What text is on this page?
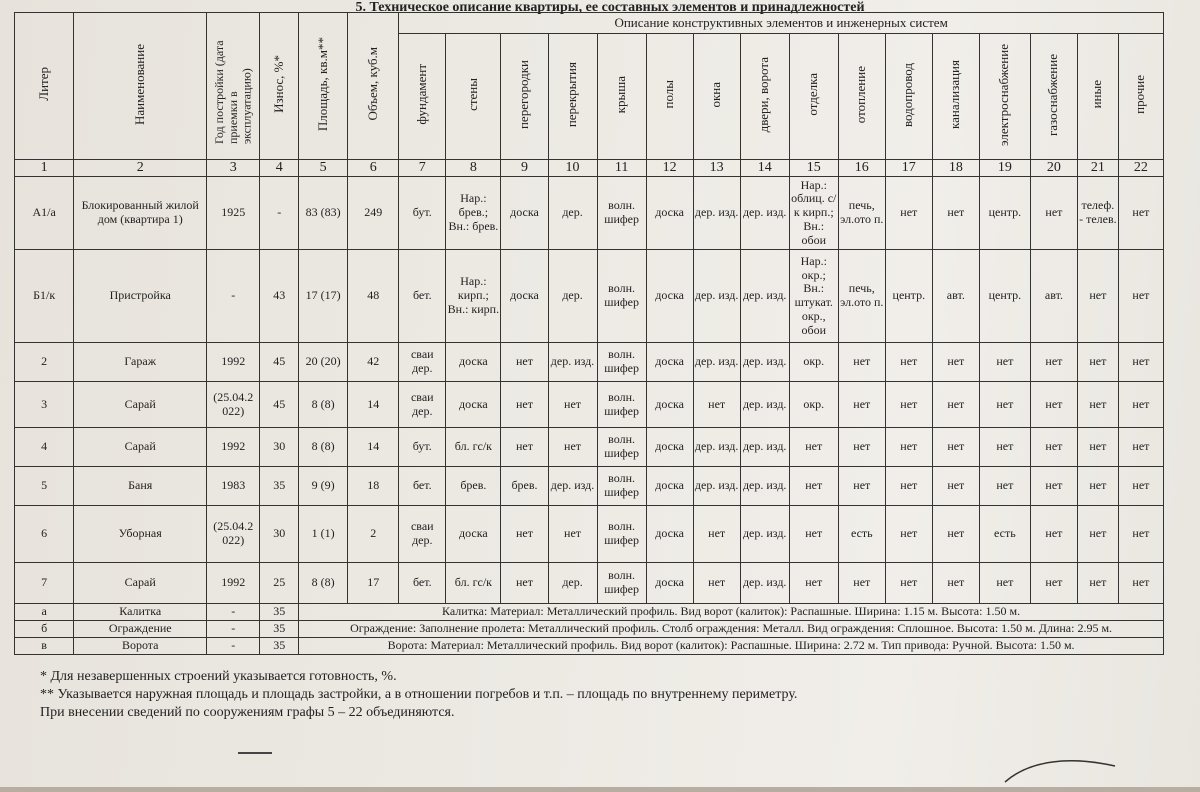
5. Техническое описание квартиры, ее составных элементов и принадлежностей
Литер	Наименование	Год постройки (дата приемки в эксплуатацию)	Износ, %*	Площадь, кв.м**	Объем, куб.м	Описание конструктивных элементов и инженерных систем															
						фундамент	стены	перегородки	перекрытия	крыша	полы	окна	двери, ворота	отделка	отопление	водопровод	канализация	электроснабжение	газоснабжение	иные	прочие
1	2	3	4	5	6	7	8	9	10	11	12	13	14	15	16	17	18	19	20	21	22
А1/а	Блокированный жилой дом (квартира 1)	1925	-	83 (83)	249	бут.	Нар.: брев.; Вн.: брев.	доска	дер.	волн. шифер	доска	дер. изд.	дер. изд.	Нар.: облиц. с/к кирп.; Вн.: обои	печь, эл.ото п.	нет	нет	центр.	нет	телеф. - телев.	нет
Б1/к	Пристройка	-	43	17 (17)	48	бет.	Нар.: кирп.; Вн.: кирп.	доска	дер.	волн. шифер	доска	дер. изд.	дер. изд.	Нар.: окр.; Вн.: штукат. окр., обои	печь, эл.ото п.	центр.	авт.	центр.	авт.	нет	нет
2	Гараж	1992	45	20 (20)	42	сваи дер.	доска	нет	дер. изд.	волн. шифер	доска	дер. изд.	дер. изд.	окр.	нет	нет	нет	нет	нет	нет	нет
3	Сарай	(25.04.2 022)	45	8 (8)	14	сваи дер.	доска	нет	нет	волн. шифер	доска	нет	дер. изд.	окр.	нет	нет	нет	нет	нет	нет	нет
4	Сарай	1992	30	8 (8)	14	бут.	бл. гс/к	нет	нет	волн. шифер	доска	дер. изд.	дер. изд.	нет	нет	нет	нет	нет	нет	нет	нет
5	Баня	1983	35	9 (9)	18	бет.	брев.	брев.	дер. изд.	волн. шифер	доска	дер. изд.	дер. изд.	нет	нет	нет	нет	нет	нет	нет	нет
6	Уборная	(25.04.2 022)	30	1 (1)	2	сваи дер.	доска	нет	нет	волн. шифер	доска	нет	дер. изд.	нет	есть	нет	нет	есть	нет	нет	нет
7	Сарай	1992	25	8 (8)	17	бет.	бл. гс/к	нет	дер.	волн. шифер	доска	нет	дер. изд.	нет	нет	нет	нет	нет	нет	нет	нет
а	Калитка	-	35	Калитка: Материал: Металлический профиль. Вид ворот (калиток): Распашные. Ширина: 1.15 м. Высота: 1.50 м.																	
б	Ограждение	-	35	Ограждение: Заполнение пролета: Металлический профиль. Столб ограждения: Металл. Вид ограждения: Сплошное. Высота: 1.50 м. Длина: 2.95 м.																	
в	Ворота	-	35	Ворота: Материал: Металлический профиль. Вид ворот (калиток): Распашные. Ширина: 2.72 м. Тип привода: Ручной. Высота: 1.50 м.																	
* Для незавершенных строений указывается готовность, %.
** Указывается наружная площадь и площадь застройки, а в отношении погребов и т.п. – площадь по внутреннему периметру.
При внесении сведений по сооружениям графы 5 – 22 объединяются.
